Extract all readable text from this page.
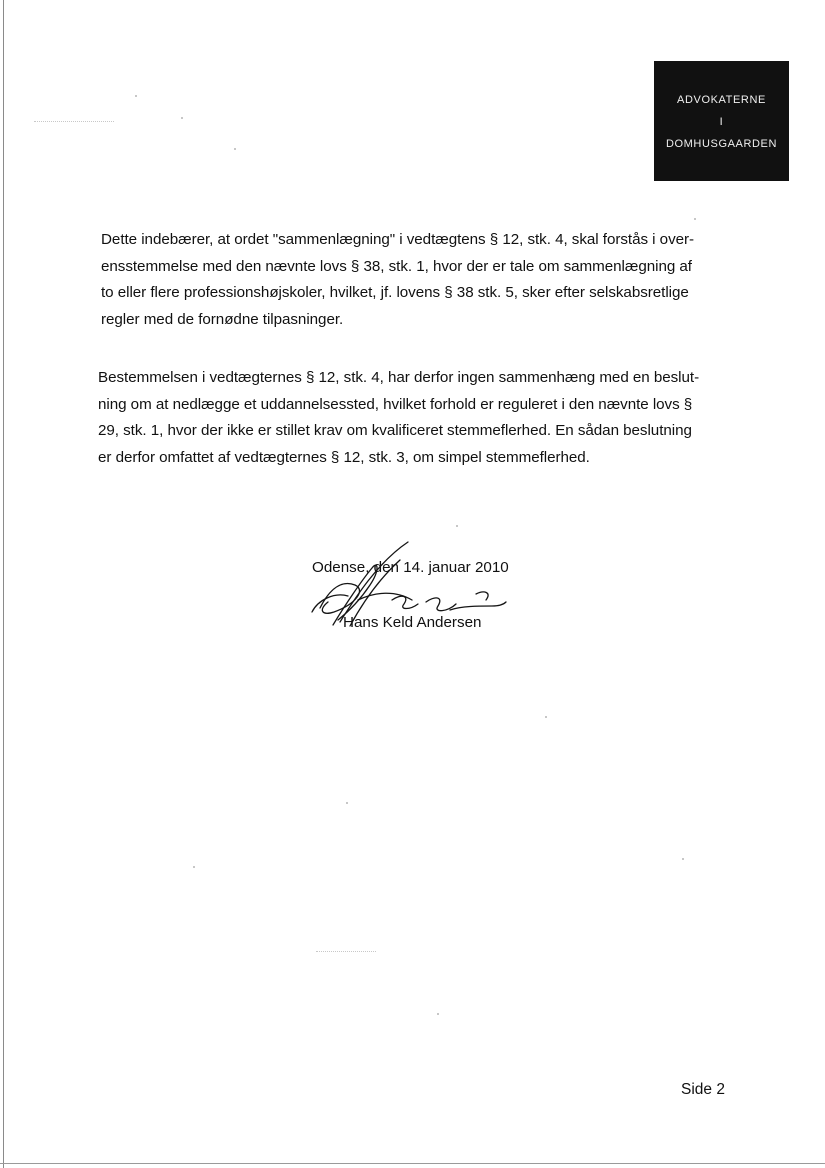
ADVOKATERNE
I
DOMHUSGAARDEN
Dette indebærer, at ordet "sammenlægning" i vedtægtens § 12, stk. 4, skal forstås i over-
ensstemmelse med den nævnte lovs § 38, stk. 1, hvor der er tale om sammenlægning af
to eller flere professionshøjskoler, hvilket, jf. lovens § 38 stk. 5, sker efter selskabsretlige
regler med de fornødne tilpasninger.
Bestemmelsen i vedtægternes § 12, stk. 4, har derfor ingen sammenhæng med en beslut-
ning om at nedlægge et uddannelsessted, hvilket forhold er reguleret i den nævnte lovs §
29, stk. 1, hvor der ikke er stillet krav om kvalificeret stemmeflerhed. En sådan beslutning
er derfor omfattet af vedtægternes § 12, stk. 3, om simpel stemmeflerhed.
Odense, den 14. januar 2010
Hans Keld Andersen
Side 2
